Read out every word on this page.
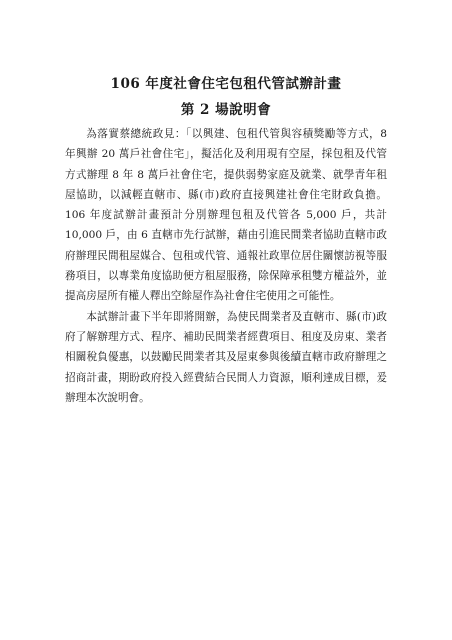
106 年度社會住宅包租代管試辦計畫
第 2 場說明會

為落實蔡總統政見：「以興建、包租代管與容積獎勵等方式，8 年興辦 20 萬戶社會住宅」，擬活化及利用現有空屋，採包租及代管方式辦理 8 年 8 萬戶社會住宅，提供弱勢家庭及就業、就學青年租屋協助，以減輕直轄市、縣(市)政府直接興建社會住宅財政負擔。106 年度試辦計畫預計分別辦理包租及代管各 5,000 戶，共計 10,000 戶，由 6 直轄市先行試辦，藉由引進民間業者協助直轄市政府辦理民間租屋媒合、包租或代管、通報社政單位居住關懷訪視等服務項目，以專業角度協助便方租屋服務，除保障承租雙方權益外，並提高房屋所有權人釋出空餘屋作為社會住宅使用之可能性。

本試辦計畫下半年即將開辦，為使民間業者及直轄市、縣(市)政府了解辦理方式、程序、補助民間業者經費項目、租度及房東、業者相關稅負優惠，以鼓勵民間業者其及屋東參與後續直轄市政府辦理之招商計畫，期盼政府投入經費結合民間人力資源，順利達成目標，爰辦理本次說明會。
